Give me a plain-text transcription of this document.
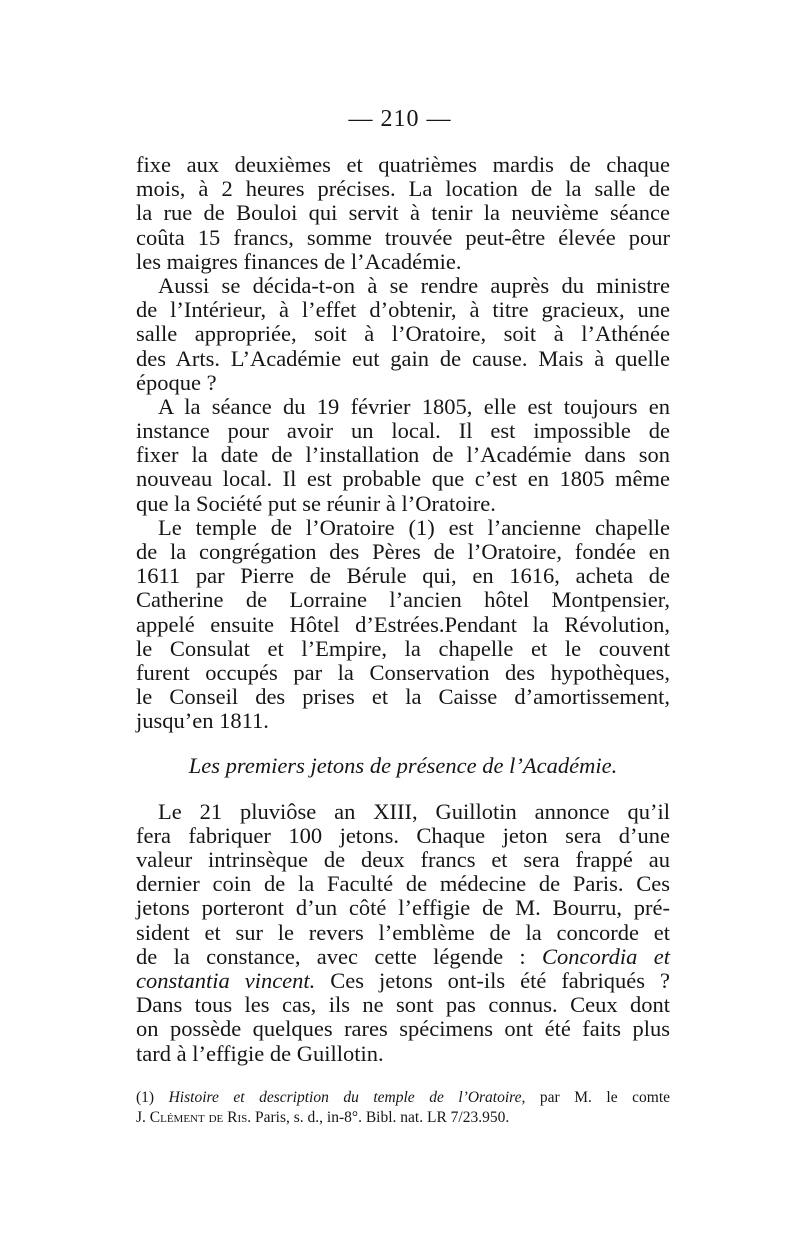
— 210 —
fixe aux deuxièmes et quatrièmes mardis de chaque
mois, à 2 heures précises. La location de la salle de
la rue de Bouloi qui servit à tenir la neuvième séance
coûta 15 francs, somme trouvée peut-être élevée pour
les maigres finances de l’Académie.
Aussi se décida-t-on à se rendre auprès du ministre
de l’Intérieur, à l’effet d’obtenir, à titre gracieux, une
salle appropriée, soit à l’Oratoire, soit à l’Athénée
des Arts. L’Académie eut gain de cause. Mais à quelle
époque ?
A la séance du 19 février 1805, elle est toujours en
instance pour avoir un local. Il est impossible de
fixer la date de l’installation de l’Académie dans son
nouveau local. Il est probable que c’est en 1805 même
que la Société put se réunir à l’Oratoire.
Le temple de l’Oratoire (1) est l’ancienne chapelle
de la congrégation des Pères de l’Oratoire, fondée en
1611 par Pierre de Bérule qui, en 1616, acheta de
Catherine de Lorraine l’ancien hôtel Montpensier,
appelé ensuite Hôtel d’Estrées.Pendant la Révolution,
le Consulat et l’Empire, la chapelle et le couvent
furent occupés par la Conservation des hypothèques,
le Conseil des prises et la Caisse d’amortissement,
jusqu’en 1811.
Les premiers jetons de présence de l’Académie.
Le 21 pluviôse an XIII, Guillotin annonce qu’il
fera fabriquer 100 jetons. Chaque jeton sera d’une
valeur intrinsèque de deux francs et sera frappé au
dernier coin de la Faculté de médecine de Paris. Ces
jetons porteront d’un côté l’effigie de M. Bourru, pré-
sident et sur le revers l’emblème de la concorde et
de la constance, avec cette légende : Concordia et
constantia vincent. Ces jetons ont-ils été fabriqués ?
Dans tous les cas, ils ne sont pas connus. Ceux dont
on possède quelques rares spécimens ont été faits plus
tard à l’effigie de Guillotin.
(1) Histoire et description du temple de l’Oratoire, par M. le comte
J. Clément de Ris. Paris, s. d., in-8°. Bibl. nat. LR 7/23.950.
